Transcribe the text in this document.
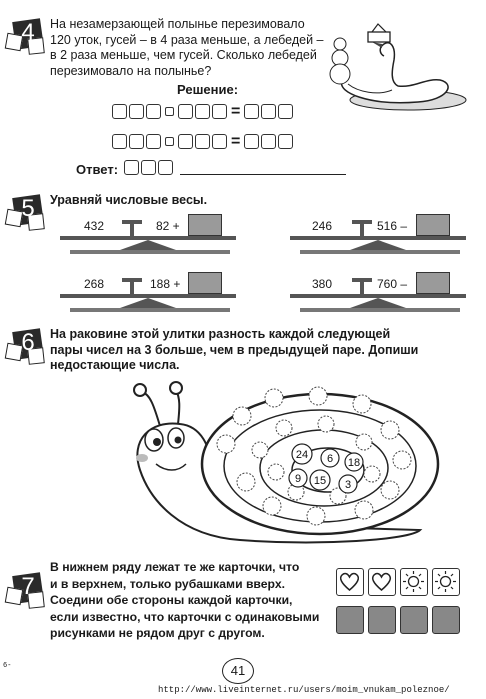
4	На незамерзающей полынье перезимовало
120 уток, гусей – в 4 раза меньше, а лебедей –
в 2 раза меньше, чем гусей. Сколько лебедей
перезимовало на полынье?
Решение:
=
=
Ответ:
5	Уравняй числовые весы.
432	82 +	246	516 –
268	188 +	380	760 –
6	На раковине этой улитки разность каждой следующей
пары чисел на 3 больше, чем в предыдущей паре. Допиши
недостающие числа.
24 6 18
9 15 3
7
В нижнем ряду лежат те же карточки, что
и в верхнем, только рубашками вверх.
Соедини обе стороны каждой карточки,
если известно, что карточки с одинаковыми
рисунками не рядом друг с другом.
41
6-
http://www.liveinternet.ru/users/moim_vnukam_poleznoe/
